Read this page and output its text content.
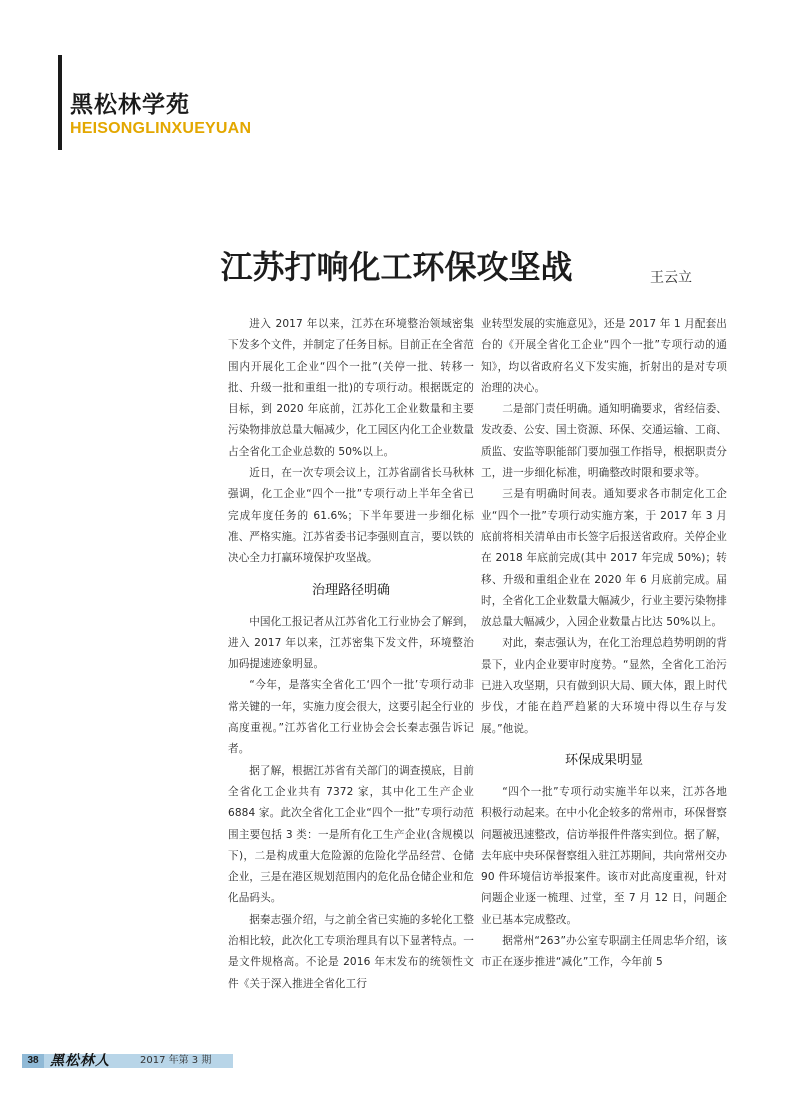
黑松林学苑
HEISONGLINXUEYUAN
江苏打响化工环保攻坚战	王云立

进入 2017 年以来，江苏在环境整治领域密集下发多个文件，并制定了任务目标。目前正在全省范围内开展化工企业“四个一批”(关停一批、转移一批、升级一批和重组一批)的专项行动。根据既定的目标，到 2020 年底前，江苏化工企业数量和主要污染物排放总量大幅减少，化工园区内化工企业数量占全省化工企业总数的 50%以上。

近日，在一次专项会议上，江苏省副省长马秋林强调，化工企业“四个一批”专项行动上半年全省已完成年度任务的 61.6%；下半年要进一步细化标准、严格实施。江苏省委书记李强则直言，要以铁的决心全力打赢环境保护攻坚战。

治理路径明确

中国化工报记者从江苏省化工行业协会了解到，进入 2017 年以来，江苏密集下发文件，环境整治加码提速迹象明显。

“今年，是落实全省化工‘四个一批’专项行动非常关键的一年，实施力度会很大，这要引起全行业的高度重视。”江苏省化工行业协会会长秦志强告诉记者。

据了解，根据江苏省有关部门的调查摸底，目前全省化工企业共有 7372 家，其中化工生产企业 6884 家。此次全省化工企业“四个一批”专项行动范围主要包括 3 类：一是所有化工生产企业(含规模以下)，二是构成重大危险源的危险化学品经营、仓储企业，三是在港区规划范围内的危化品仓储企业和危化品码头。

据秦志强介绍，与之前全省已实施的多轮化工整治相比较，此次化工专项治理具有以下显著特点。一是文件规格高。不论是 2016 年末发布的统领性文件《关于深入推进全省化工行

业转型发展的实施意见》，还是 2017 年 1 月配套出台的《开展全省化工企业“四个一批”专项行动的通知》，均以省政府名义下发实施，折射出的是对专项治理的决心。

二是部门责任明确。通知明确要求，省经信委、发改委、公安、国土资源、环保、交通运输、工商、质监、安监等职能部门要加强工作指导，根据职责分工，进一步细化标准，明确整改时限和要求等。

三是有明确时间表。通知要求各市制定化工企业“四个一批”专项行动实施方案，于 2017 年 3 月底前将相关清单由市长签字后报送省政府。关停企业在 2018 年底前完成(其中 2017 年完成 50%)；转移、升级和重组企业在 2020 年 6 月底前完成。届时，全省化工企业数量大幅减少，行业主要污染物排放总量大幅减少，入园企业数量占比达 50%以上。

对此，秦志强认为，在化工治理总趋势明朗的背景下，业内企业要审时度势。“显然，全省化工治污已进入攻坚期，只有做到识大局、顾大体，跟上时代步伐，才能在趋严趋紧的大环境中得以生存与发展。”他说。

环保成果明显

“四个一批”专项行动实施半年以来，江苏各地积极行动起来。在中小化企较多的常州市，环保督察问题被迅速整改，信访举报件件落实到位。据了解，去年底中央环保督察组入驻江苏期间，共向常州交办 90 件环境信访举报案件。该市对此高度重视，针对问题企业逐一梳理、过堂，至 7 月 12 日，问题企业已基本完成整改。

据常州“263”办公室专职副主任周忠华介绍，该市正在逐步推进“减化”工作，今年前 5

38 黑松林人	2017 年第 3 期
